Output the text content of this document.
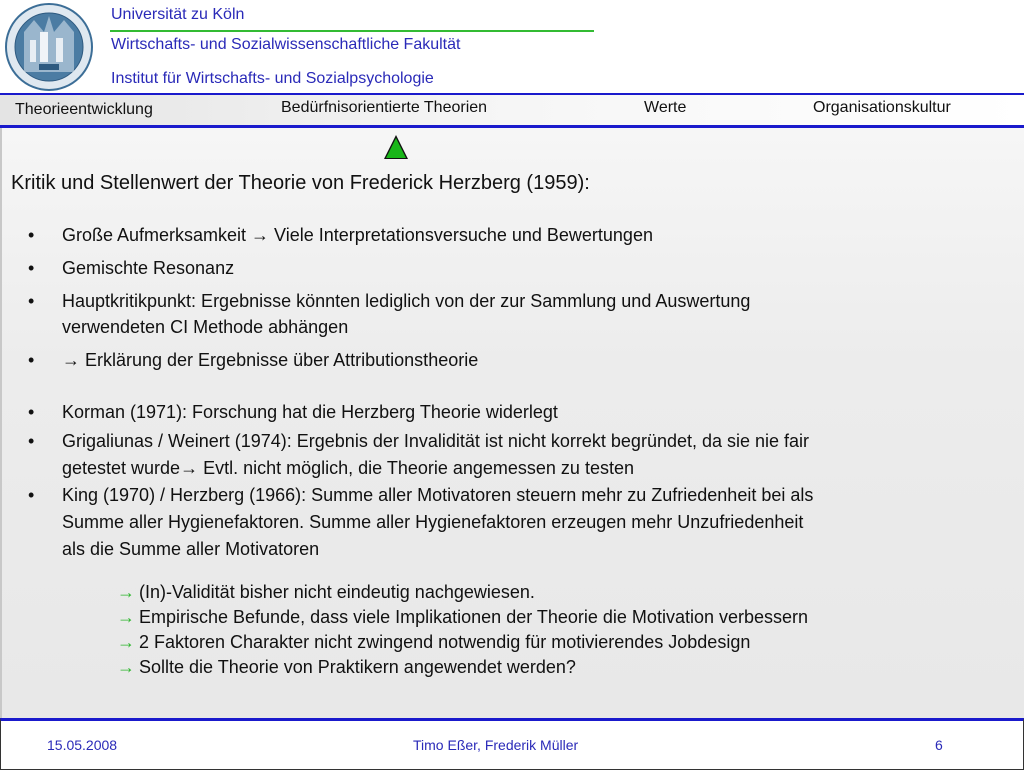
Universität zu Köln
Wirtschafts- und Sozialwissenschaftliche Fakultät
Institut für Wirtschafts- und Sozialpsychologie
Theorieentwicklung	Bedürfnisorientierte Theorien	Werte	Organisationskultur
Kritik und Stellenwert der Theorie von Frederick Herzberg (1959):
•	Große Aufmerksamkeit → Viele Interpretationsversuche und Bewertungen
•	Gemischte Resonanz
•	Hauptkritikpunkt: Ergebnisse könnten lediglich von der zur Sammlung und Auswertung
verwendeten CI Methode abhängen
•	→ Erklärung der Ergebnisse über Attributionstheorie
•	Korman (1971): Forschung hat die Herzberg Theorie widerlegt
•	Grigaliunas / Weinert (1974): Ergebnis der Invalidität ist nicht korrekt begründet, da sie nie fair
getestet wurde→ Evtl. nicht möglich, die Theorie angemessen zu testen
•	King (1970) / Herzberg (1966): Summe aller Motivatoren steuern mehr zu Zufriedenheit bei als
Summe aller Hygienefaktoren. Summe aller Hygienefaktoren erzeugen mehr Unzufriedenheit
als die Summe aller Motivatoren
→ (In)-Validität bisher nicht eindeutig nachgewiesen.
→ Empirische Befunde, dass viele Implikationen der Theorie die Motivation verbessern
→ 2 Faktoren Charakter nicht zwingend notwendig für motivierendes Jobdesign
→ Sollte die Theorie von Praktikern angewendet werden?
15.05.2008	Timo Eßer, Frederik Müller	6
